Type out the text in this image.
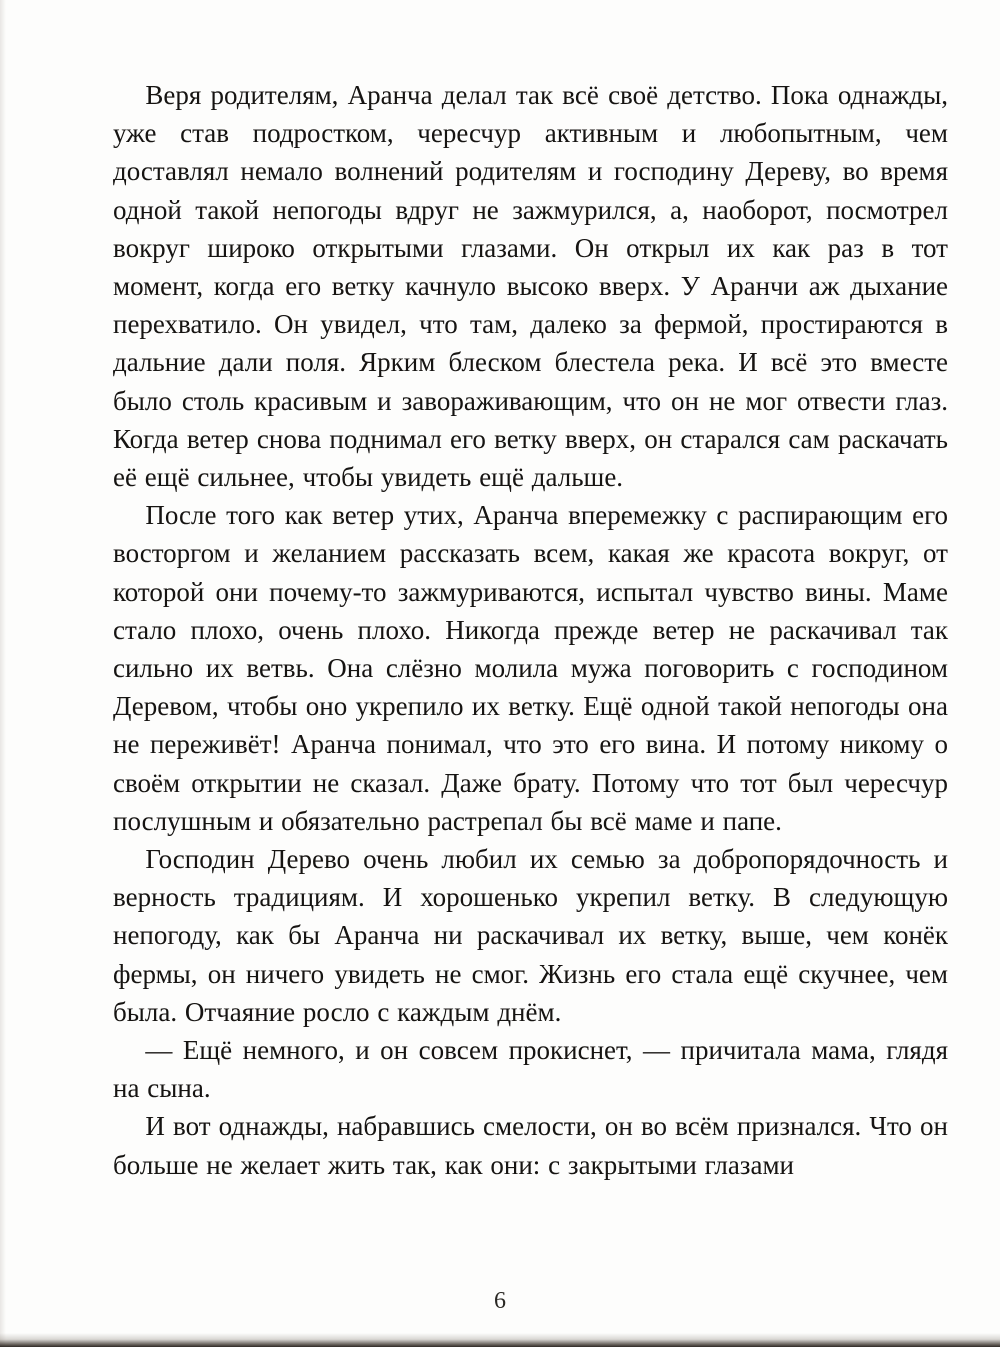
Веря родителям, Аранча делал так всё своё детство. Пока однажды, уже став подростком, чересчур активным и любопытным, чем доставлял немало волнений родителям и господину Дереву, во время одной такой непогоды вдруг не зажмурился, а, наоборот, посмотрел вокруг широко открытыми глазами. Он открыл их как раз в тот момент, когда его ветку качнуло высоко вверх. У Аранчи аж дыхание перехватило. Он увидел, что там, далеко за фермой, простираются в дальние дали поля. Ярким блеском блестела река. И всё это вместе было столь красивым и завораживающим, что он не мог отвести глаз. Когда ветер снова поднимал его ветку вверх, он старался сам раскачать её ещё сильнее, чтобы увидеть ещё дальше.

После того как ветер утих, Аранча вперемежку с распирающим его восторгом и желанием рассказать всем, какая же красота вокруг, от которой они почему-то зажмуриваются, испытал чувство вины. Маме стало плохо, очень плохо. Никогда прежде ветер не раскачивал так сильно их ветвь. Она слёзно молила мужа поговорить с господином Деревом, чтобы оно укрепило их ветку. Ещё одной такой непогоды она не переживёт! Аранча понимал, что это его вина. И потому никому о своём открытии не сказал. Даже брату. Потому что тот был чересчур послушным и обязательно растрепал бы всё маме и папе.

Господин Дерево очень любил их семью за добропорядочность и верность традициям. И хорошенько укрепил ветку. В следующую непогоду, как бы Аранча ни раскачивал их ветку, выше, чем конёк фермы, он ничего увидеть не смог. Жизнь его стала ещё скучнее, чем была. Отчаяние росло с каждым днём.

— Ещё немного, и он совсем прокиснет, — причитала мама, глядя на сына.

И вот однажды, набравшись смелости, он во всём признался. Что он больше не желает жить так, как они: с закрытыми глазами

6
